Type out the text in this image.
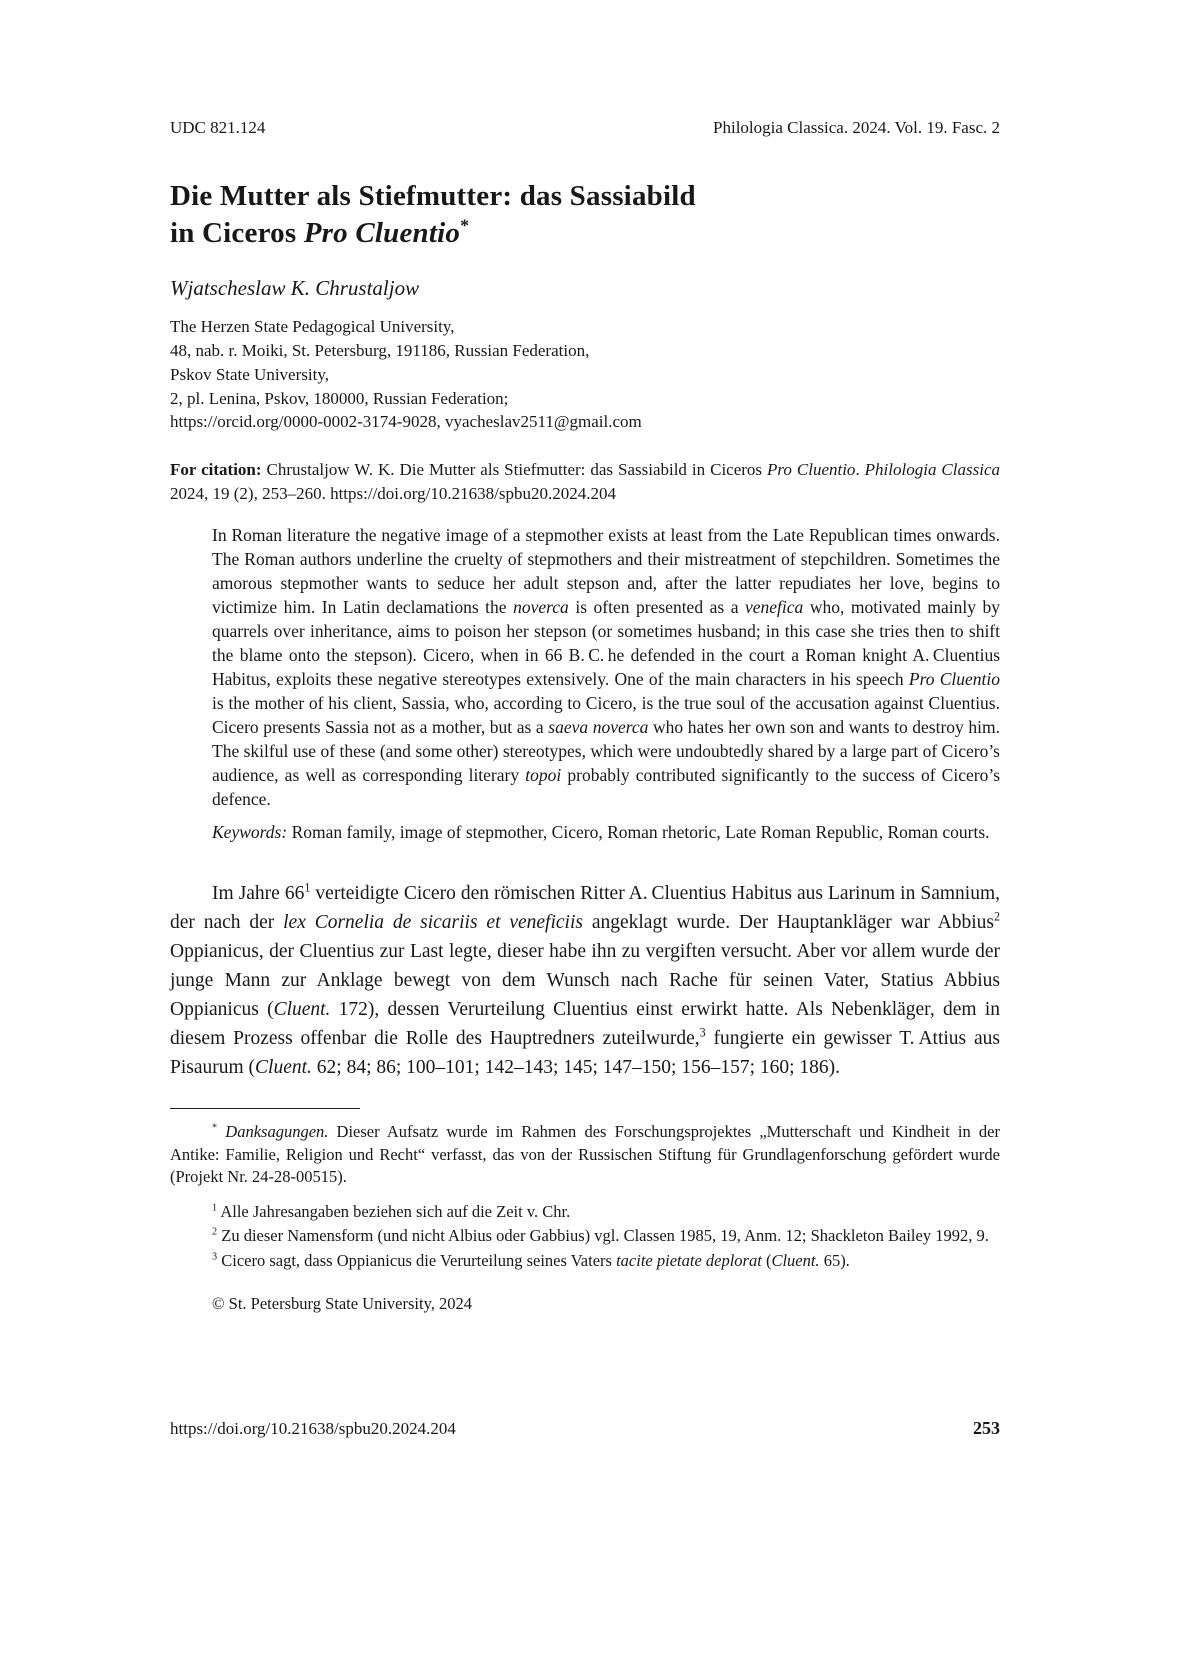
UDC 821.124	Philologia Classica. 2024. Vol. 19. Fasc. 2
Die Mutter als Stiefmutter: das Sassiabild
in Ciceros Pro Cluentio*
Wjatscheslaw K. Chrustaljow
The Herzen State Pedagogical University,
48, nab. r. Moiki, St. Petersburg, 191186, Russian Federation,
Pskov State University,
2, pl. Lenina, Pskov, 180000, Russian Federation;
https://orcid.org/0000-0002-3174-9028, vyacheslav2511@gmail.com

For citation: Chrustaljow W. K. Die Mutter als Stiefmutter: das Sassiabild in Ciceros Pro Cluentio. Philologia Classica 2024, 19 (2), 253–260. https://doi.org/10.21638/spbu20.2024.204

In Roman literature the negative image of a stepmother exists at least from the Late Republican times onwards. The Roman authors underline the cruelty of stepmothers and their mistreatment of stepchildren. Sometimes the amorous stepmother wants to seduce her adult stepson and, after the latter repudiates her love, begins to victimize him. In Latin declamations the noverca is often presented as a venefica who, motivated mainly by quarrels over inheritance, aims to poison her stepson (or sometimes husband; in this case she tries then to shift the blame onto the stepson). Cicero, when in 66 B. C. he defended in the court a Roman knight A. Cluentius Habitus, exploits these negative stereotypes extensively. One of the main characters in his speech Pro Cluentio is the mother of his client, Sassia, who, according to Cicero, is the true soul of the accusation against Cluentius. Cicero presents Sassia not as a mother, but as a saeva noverca who hates her own son and wants to destroy him. The skilful use of these (and some other) stereotypes, which were undoubtedly shared by a large part of Cicero’s audience, as well as corresponding literary topoi probably contributed significantly to the success of Cicero’s defence.

Keywords: Roman family, image of stepmother, Cicero, Roman rhetoric, Late Roman Republic, Roman courts.

Im Jahre $66^1$ verteidigte Cicero den römischen Ritter A. Cluentius Habitus aus Larinum in Samnium, der nach der lex Cornelia de sicariis et veneficiis angeklagt wurde. Der Hauptankläger war Abbius$^2$ Oppianicus, der Cluentius zur Last legte, dieser habe ihn zu vergiften versucht. Aber vor allem wurde der junge Mann zur Anklage bewegt von dem Wunsch nach Rache für seinen Vater, Statius Abbius Oppianicus (Cluent. 172), dessen Verurteilung Cluentius einst erwirkt hatte. Als Nebenkläger, dem in diesem Prozess offenbar die Rolle des Hauptredners zuteilwurde,$^3$ fungierte ein gewisser T. Attius aus Pisaurum (Cluent. 62; 84; 86; 100–101; 142–143; 145; 147–150; 156–157; 160; 186).

* Danksagungen. Dieser Aufsatz wurde im Rahmen des Forschungsprojektes „Mutterschaft und Kindheit in der Antike: Familie, Religion und Recht“ verfasst, das von der Russischen Stiftung für Grundlagenforschung gefördert wurde (Projekt Nr. 24-28-00515).

$^1$ Alle Jahresangaben beziehen sich auf die Zeit v. Chr.

$^2$ Zu dieser Namensform (und nicht Albius oder Gabbius) vgl. Classen 1985, 19, Anm. 12; Shackleton Bailey 1992, 9.

$^3$ Cicero sagt, dass Oppianicus die Verurteilung seines Vaters tacite pietate deplorat (Cluent. 65).

© St. Petersburg State University, 2024
https://doi.org/10.21638/spbu20.2024.204	253
